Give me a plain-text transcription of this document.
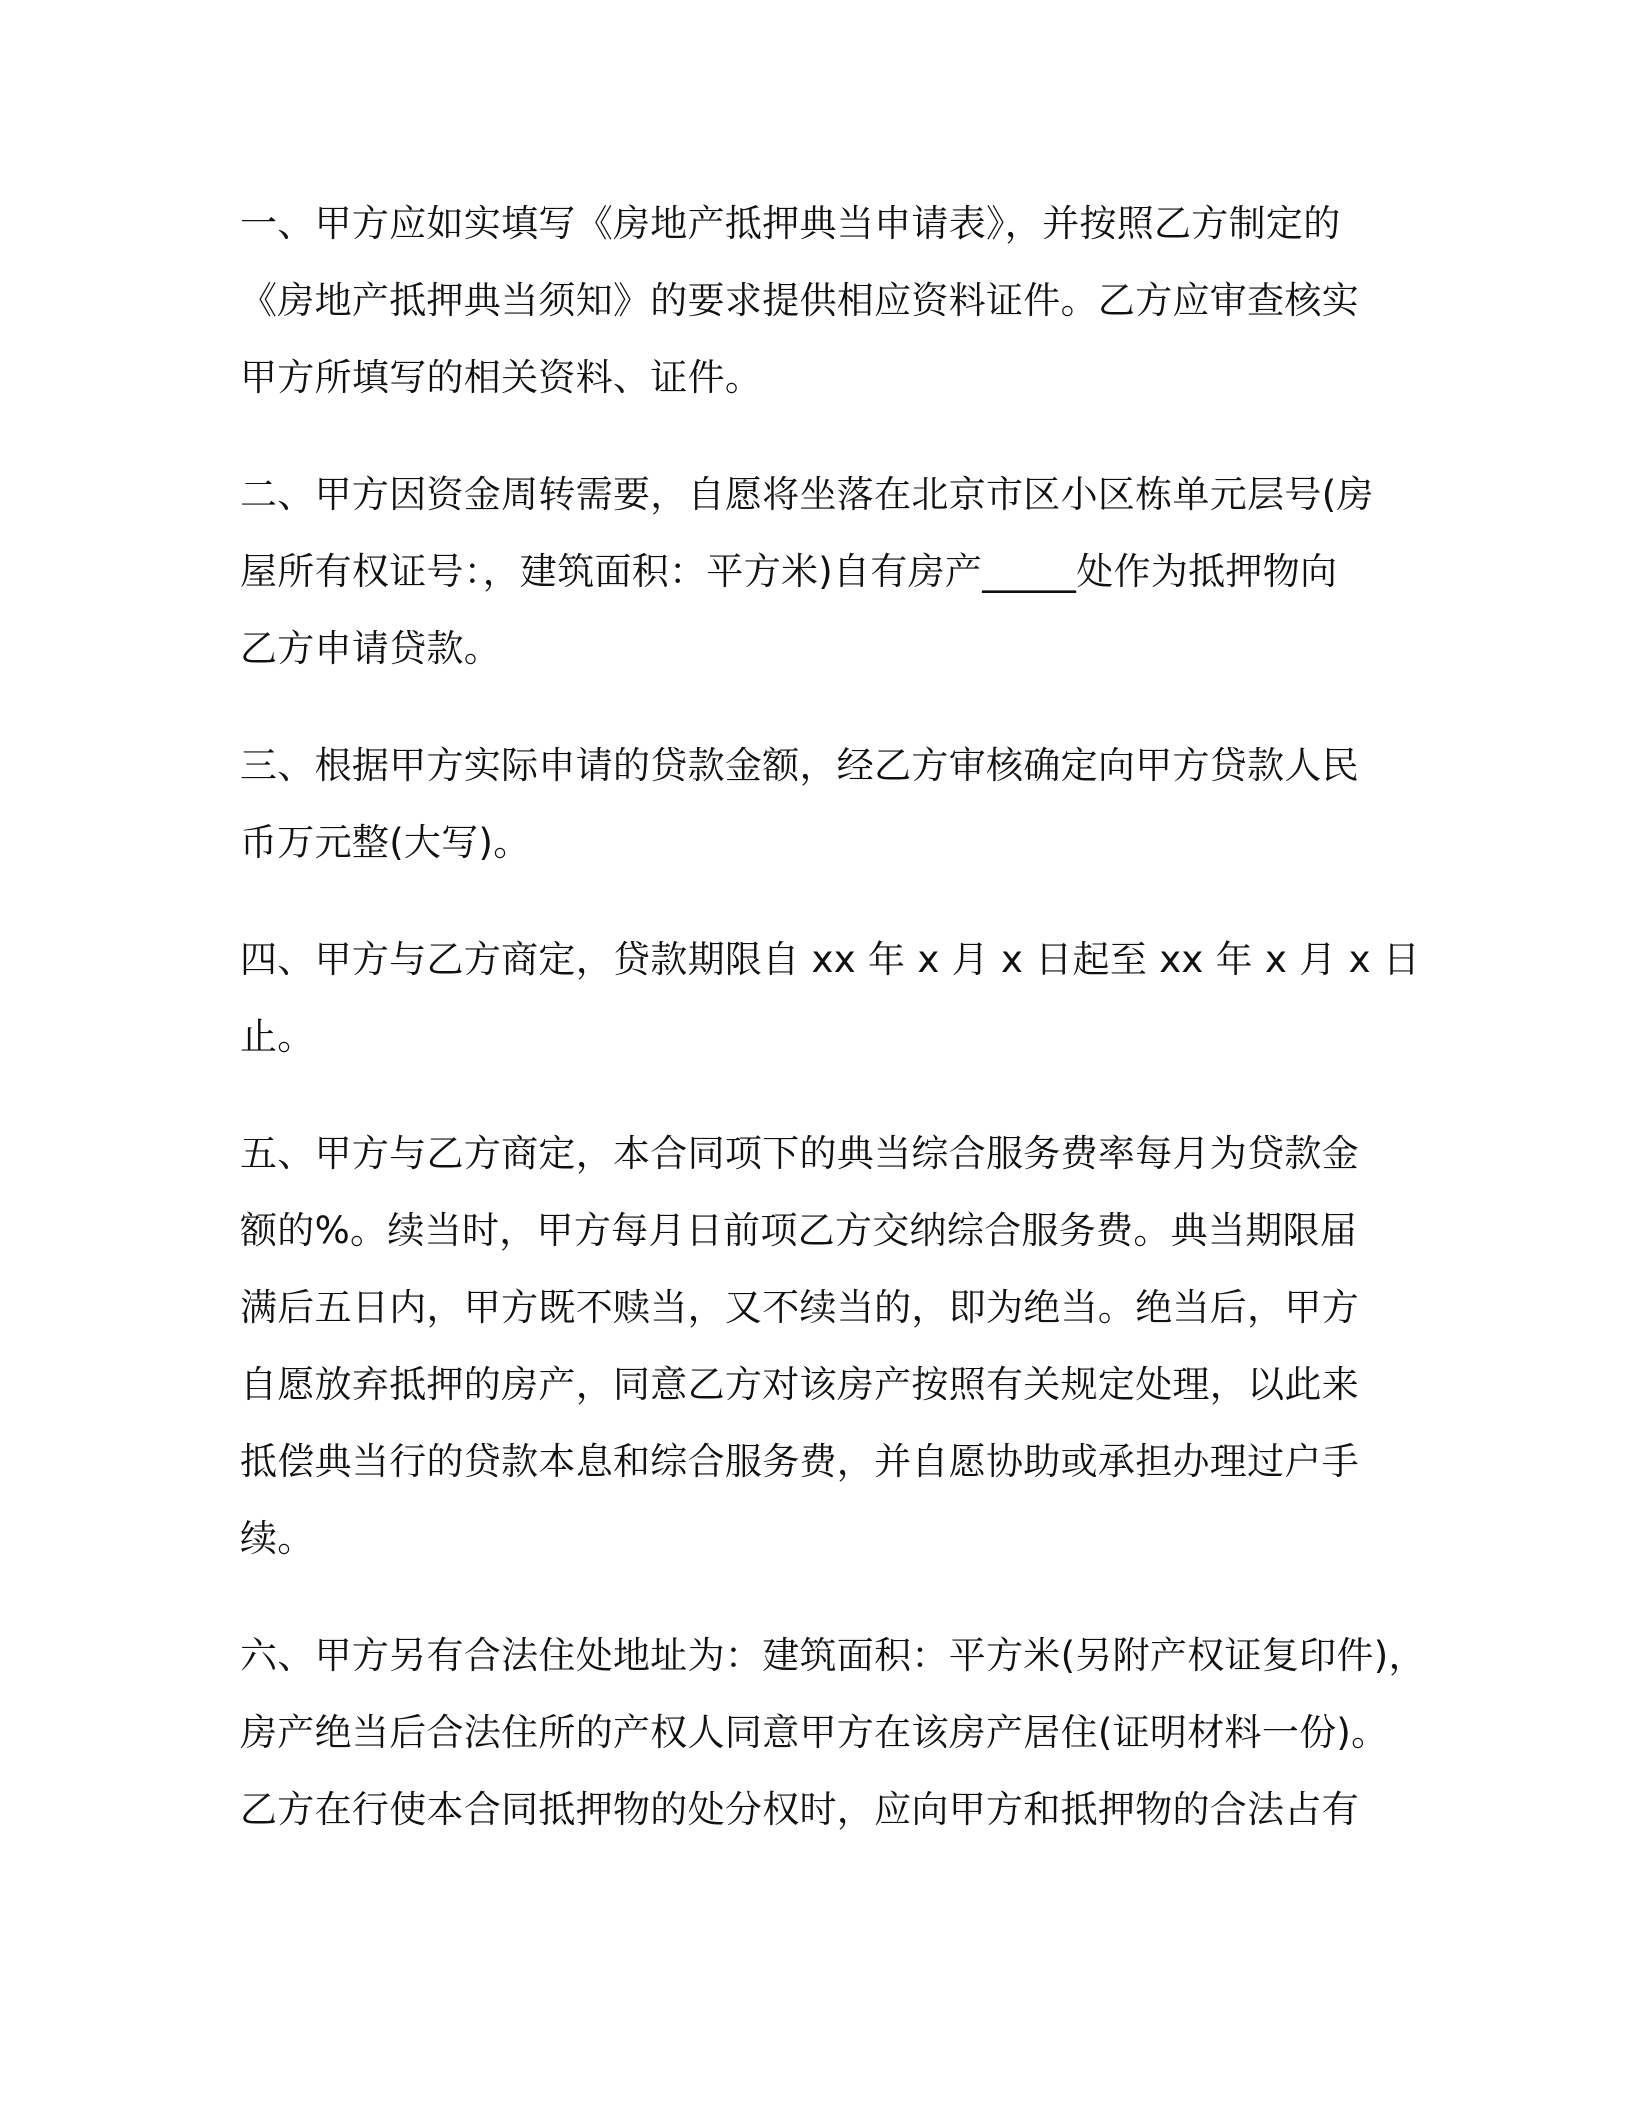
一、甲方应如实填写《房地产抵押典当申请表》，并按照乙方制定的
《房地产抵押典当须知》的要求提供相应资料证件。乙方应审查核实
甲方所填写的相关资料、证件。

二、甲方因资金周转需要，自愿将坐落在北京市区小区栋单元层号(房
屋所有权证号：，建筑面积：平方米)自有房产_____处作为抵押物向
乙方申请贷款。

三、根据甲方实际申请的贷款金额，经乙方审核确定向甲方贷款人民
币万元整(大写)。

四、甲方与乙方商定，贷款期限自 xx 年 x 月 x 日起至 xx 年 x 月 x 日
止。

五、甲方与乙方商定，本合同项下的典当综合服务费率每月为贷款金
额的%。续当时，甲方每月日前项乙方交纳综合服务费。典当期限届
满后五日内，甲方既不赎当，又不续当的，即为绝当。绝当后，甲方
自愿放弃抵押的房产，同意乙方对该房产按照有关规定处理，以此来
抵偿典当行的贷款本息和综合服务费，并自愿协助或承担办理过户手
续。

六、甲方另有合法住处地址为：建筑面积：平方米(另附产权证复印件)，
房产绝当后合法住所的产权人同意甲方在该房产居住(证明材料一份)。
乙方在行使本合同抵押物的处分权时，应向甲方和抵押物的合法占有
